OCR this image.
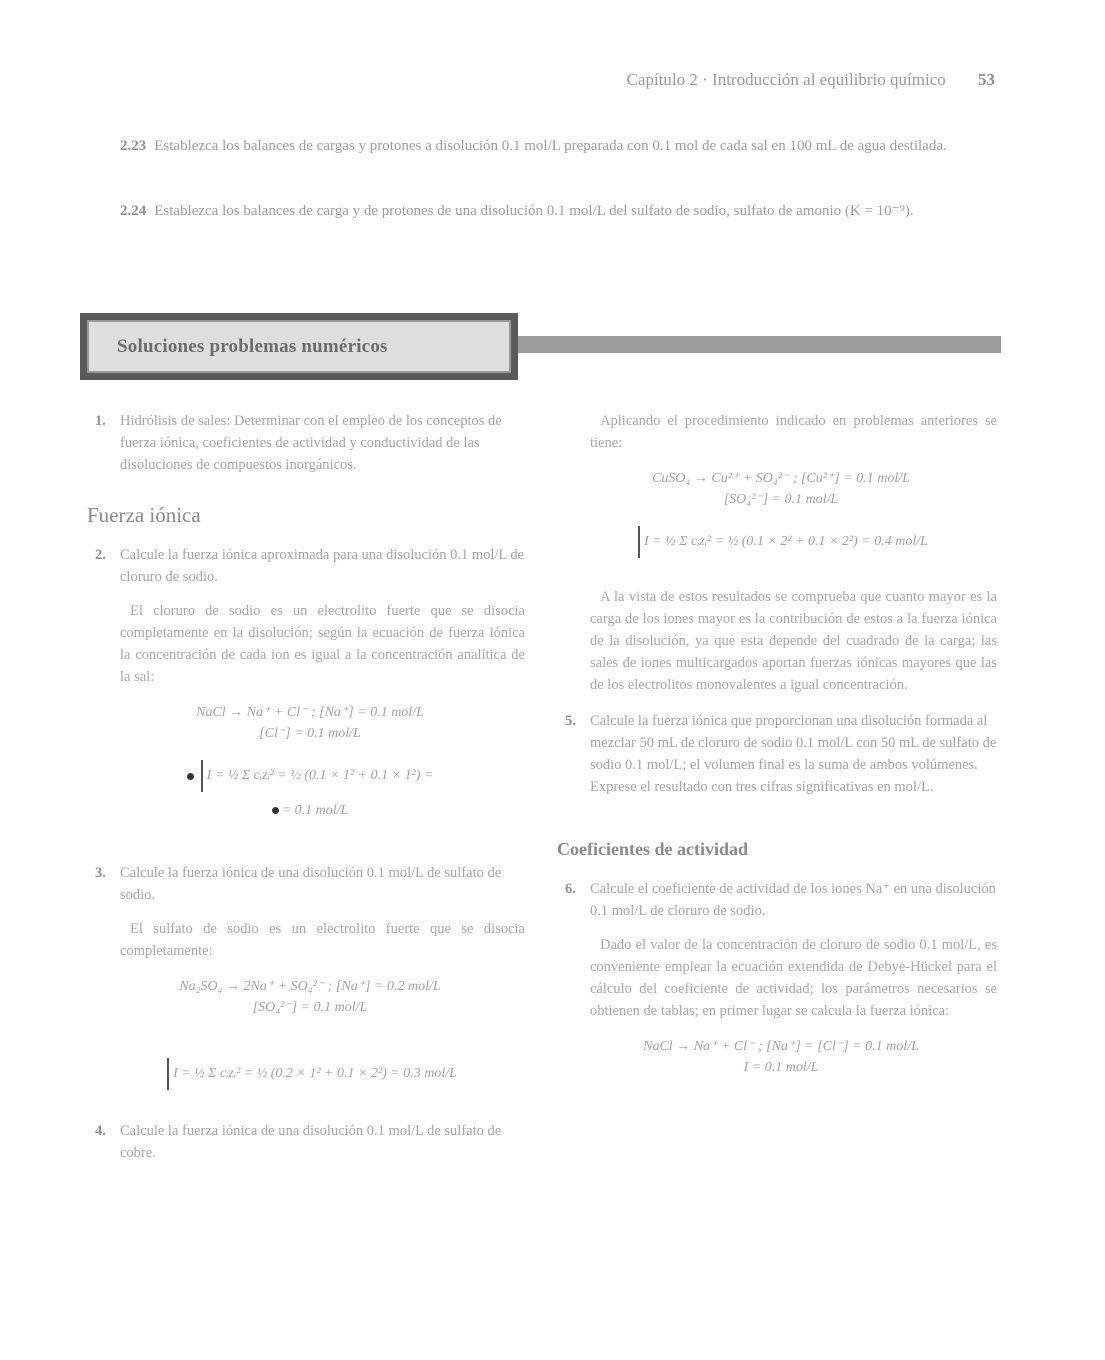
Capítulo 2 · Introducción al equilibrio químico 53
2.23 Establezca los balances de cargas y protones a disolución 0.1 mol/L preparada con 0.1 mol de cada sal en 100 mL de agua destilada.
2.24 Establezca los balances de carga y de protones de una disolución 0.1 mol/L del sulfato de sodio, sulfato de amonio (K = 10⁻⁹).
Soluciones problemas numéricos
1. Hidrólisis de sales: Determinar con el empleo de los conceptos de fuerza iónica, coeficientes de actividad y conductividad de las disoluciones de compuestos inorgánicos.
Fuerza iónica
2. Calcule la fuerza iónica aproximada para una disolución 0.1 mol/L de cloruro de sodio.
El cloruro de sodio es un electrolito fuerte que se disocia completamente en la disolución; según la ecuación de fuerza iónica la concentración de cada ion es igual a la concentración analítica de la sal:
NaCl → Na⁺ + Cl⁻ ; [Na⁺] = 0.1 mol/L
[Cl⁻] = 0.1 mol/L
I = ½ Σ cᵢzᵢ² = ½ (0.1 × 1² + 0.1 × 1²) =
= 0.1 mol/L
3. Calcule la fuerza iónica de una disolución 0.1 mol/L de sulfato de sodio.
El sulfato de sodio es un electrolito fuerte que se disocia completamente:
Na₂SO₄ → 2Na⁺ + SO₄²⁻ ; [Na⁺] = 0.2 mol/L
[SO₄²⁻] = 0.1 mol/L
I = ½ Σ cᵢzᵢ² = ½ (0.2 × 1² + 0.1 × 2²) = 0.3 mol/L
4. Calcule la fuerza iónica de una disolución 0.1 mol/L de sulfato de cobre.
Aplicando el procedimiento indicado en problemas anteriores se tiene:
CuSO₄ → Cu²⁺ + SO₄²⁻ ; [Cu²⁺] = 0.1 mol/L
[SO₄²⁻] = 0.1 mol/L
I = ½ Σ cᵢzᵢ² = ½ (0.1 × 2² + 0.1 × 2²) = 0.4 mol/L
A la vista de estos resultados se comprueba que cuanto mayor es la carga de los iones mayor es la contribución de estos a la fuerza iónica de la disolución, ya que esta depende del cuadrado de la carga; las sales de iones multicargados aportan fuerzas iónicas mayores que las de los electrolitos monovalentes a igual concentración.
5. Calcule la fuerza iónica que proporcionan una disolución formada al mezclar 50 mL de cloruro de sodio 0.1 mol/L con 50 mL de sulfato de sodio 0.1 mol/L; el volumen final es la suma de ambos volúmenes. Exprese el resultado con tres cifras significativas en mol/L.
Coeficientes de actividad
6. Calcule el coeficiente de actividad de los iones Na⁺ en una disolución 0.1 mol/L de cloruro de sodio.
Dado el valor de la concentración de cloruro de sodio 0.1 mol/L, es conveniente emplear la ecuación extendida de Debye-Hückel para el cálculo del coeficiente de actividad; los parámetros necesarios se obtienen de tablas; en primer lugar se calcula la fuerza iónica:
NaCl → Na⁺ + Cl⁻ ; [Na⁺] = [Cl⁻] = 0.1 mol/L
I = 0.1 mol/L
